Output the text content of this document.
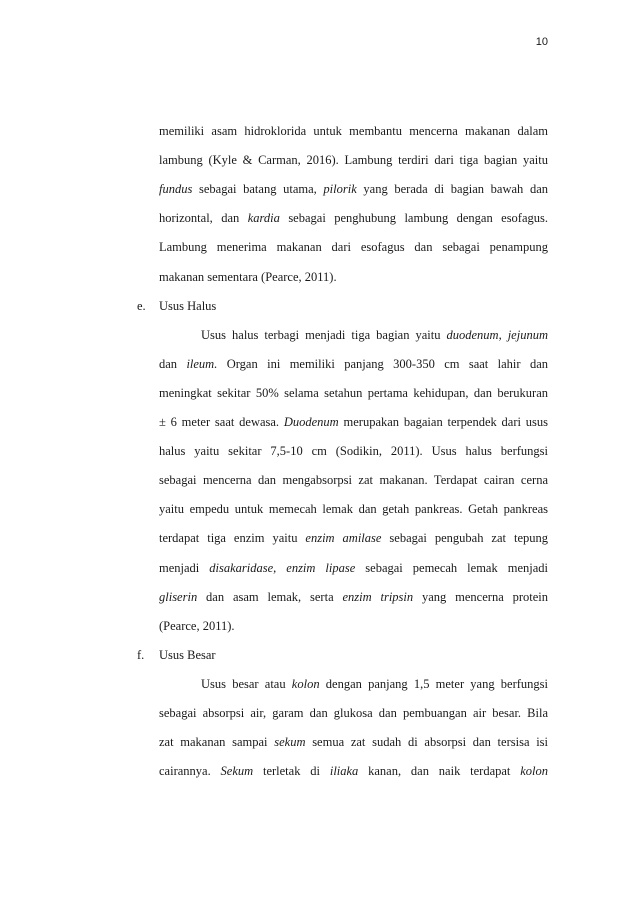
10
memiliki asam hidroklorida untuk membantu mencerna makanan dalam
lambung (Kyle & Carman, 2016). Lambung terdiri dari tiga bagian yaitu
fundus sebagai batang utama, pilorik yang berada di bagian bawah dan
horizontal, dan kardia sebagai penghubung lambung dengan esofagus.
Lambung menerima makanan dari esofagus dan sebagai penampung
makanan sementara (Pearce, 2011).
e. Usus Halus
Usus halus terbagi menjadi tiga bagian yaitu duodenum, jejunum
dan ileum. Organ ini memiliki panjang 300-350 cm saat lahir dan
meningkat sekitar 50% selama setahun pertama kehidupan, dan berukuran
± 6 meter saat dewasa. Duodenum merupakan bagaian terpendek dari usus
halus yaitu sekitar 7,5-10 cm (Sodikin, 2011). Usus halus berfungsi
sebagai mencerna dan mengabsorpsi zat makanan. Terdapat cairan cerna
yaitu empedu untuk memecah lemak dan getah pankreas. Getah pankreas
terdapat tiga enzim yaitu enzim amilase sebagai pengubah zat tepung
menjadi disakaridase, enzim lipase sebagai pemecah lemak menjadi
gliserin dan asam lemak, serta enzim tripsin yang mencerna protein
(Pearce, 2011).
f. Usus Besar
Usus besar atau kolon dengan panjang 1,5 meter yang berfungsi
sebagai absorpsi air, garam dan glukosa dan pembuangan air besar. Bila
zat makanan sampai sekum semua zat sudah di absorpsi dan tersisa isi
cairannya. Sekum terletak di iliaka kanan, dan naik terdapat kolon
